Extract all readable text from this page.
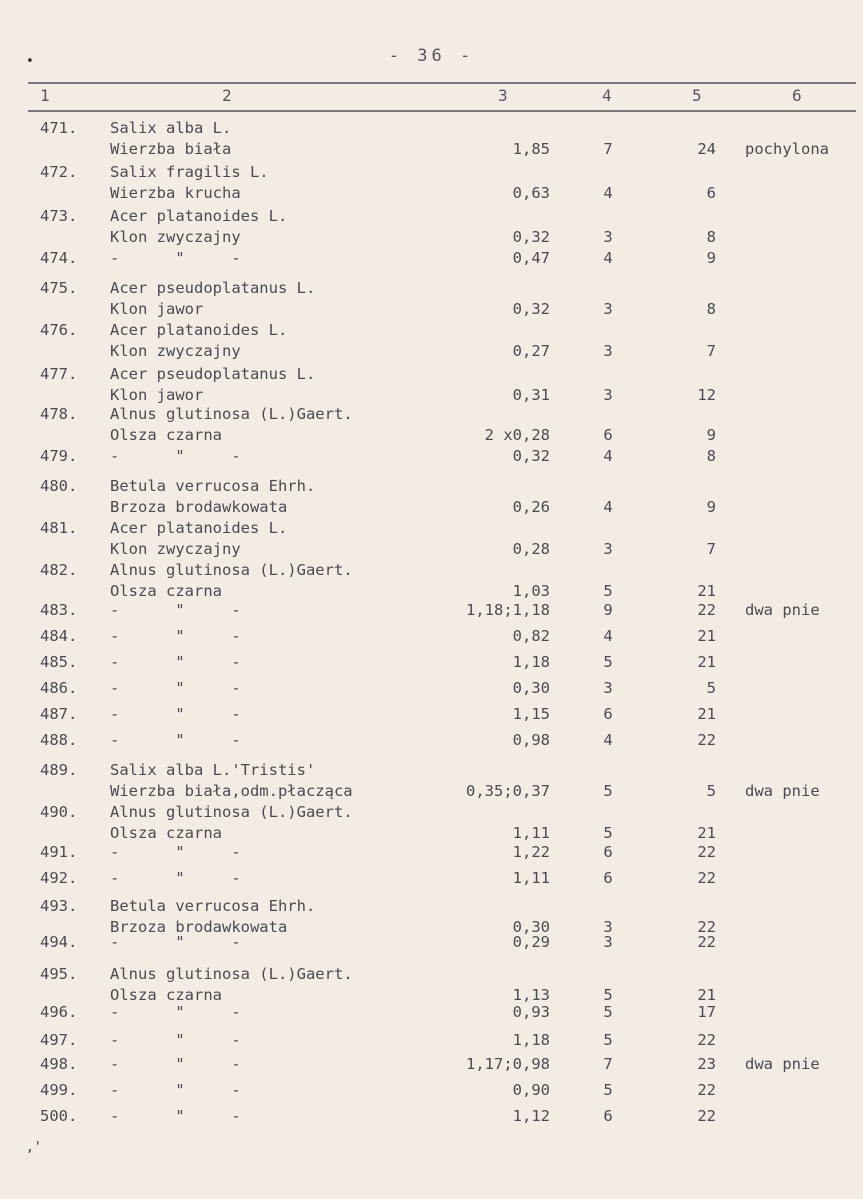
- 36 -
1	2	3	4	5	6
471. Salix alba L.
Wierzba biała	1,85	7	24 pochylona
472. Salix fragilis L.
Wierzba krucha	0,63	4	6
473. Acer platanoides L.
Klon zwyczajny	0,32	3	8
474. -      "     -	0,47	4	9
475. Acer pseudoplatanus L.
Klon jawor	0,32	3	8
476. Acer platanoides L.
Klon zwyczajny	0,27	3	7
477. Acer pseudoplatanus L.
Klon jawor	0,31	3	12
478. Alnus glutinosa (L.)Gaert.
Olsza czarna	2 x0,28	6	9
479. -      "     -	0,32	4	8
480. Betula verrucosa Ehrh.
Brzoza brodawkowata	0,26	4	9
481. Acer platanoides L.
Klon zwyczajny	0,28	3	7
482. Alnus glutinosa (L.)Gaert.
Olsza czarna	1,03	5	21
483. -      "     -	1,18;1,18	9	22 dwa pnie
484. -      "     -	0,82	4	21
485. -      "     -	1,18	5	21
486. -      "     -	0,30	3	5
487. -      "     -	1,15	6	21
488. -      "     -	0,98	4	22
489. Salix alba L.'Tristis'
Wierzba biała,odm.płacząca	0,35;0,37	5	5 dwa pnie
490. Alnus glutinosa (L.)Gaert.
Olsza czarna	1,11	5	21
491. -      "     -	1,22	6	22
492. -      "     -	1,11	6	22
493. Betula verrucosa Ehrh.
Brzoza brodawkowata	0,30	3	22
494. -      "     -	0,29	3	22
495. Alnus glutinosa (L.)Gaert.
Olsza czarna	1,13	5	21
496. -      "     -	0,93	5	17
497. -      "     -	1,18	5	22
498. -      "     -	1,17;0,98	7	23 dwa pnie
499. -      "     -	0,90	5	22
500. -      "     -	1,12	6	22
•
,'
